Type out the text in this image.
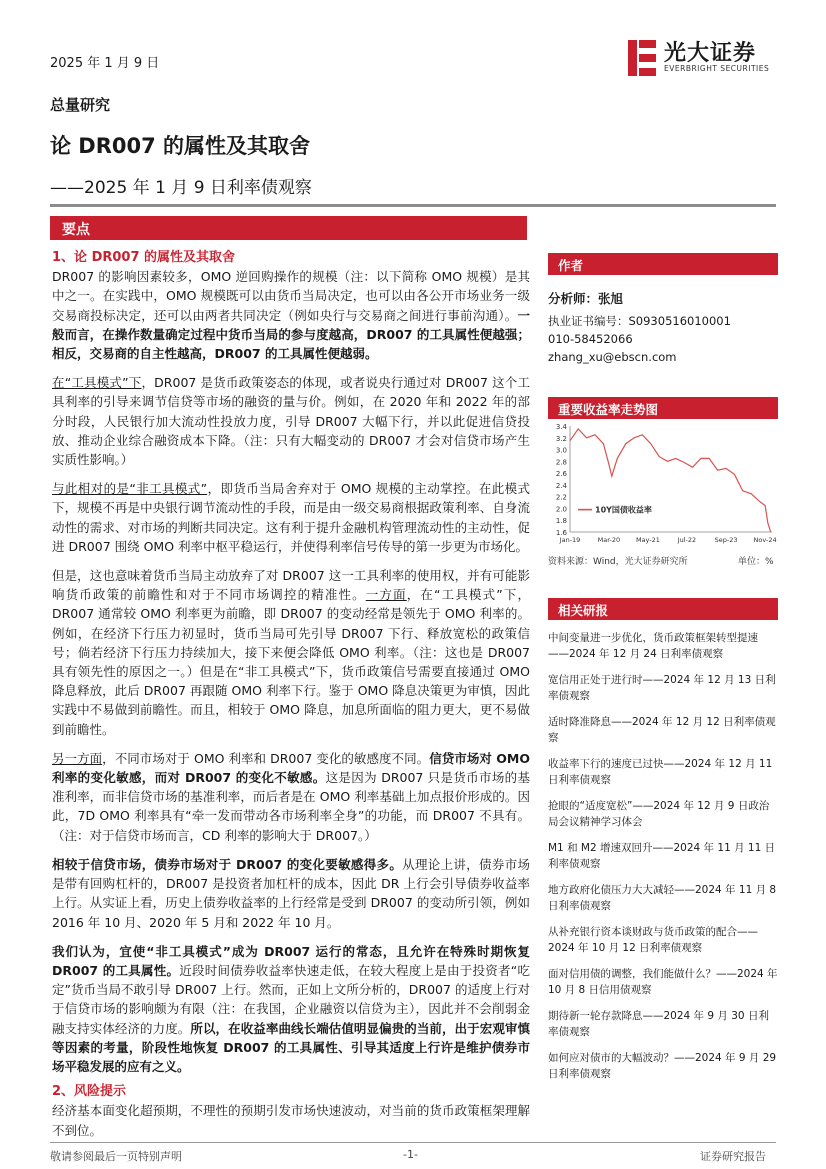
2025 年 1 月 9 日	光大证券
EVERBRIGHT SECURITIES
总量研究
论 DR007 的属性及其取舍
——2025 年 1 月 9 日利率债观察
要点

1、论 DR007 的属性及其取舍

DR007 的影响因素较多，OMO 逆回购操作的规模（注：以下简称 OMO 规模）是其中之一。在实践中，OMO 规模既可以由货币当局决定，也可以由各公开市场业务一级交易商投标决定，还可以由两者共同决定（例如央行与交易商之间进行事前沟通）。一般而言，在操作数量确定过程中货币当局的参与度越高，DR007 的工具属性便越强；相反，交易商的自主性越高，DR007 的工具属性便越弱。

在“工具模式”下，DR007 是货币政策姿态的体现，或者说央行通过对 DR007 这个工具利率的引导来调节信贷等市场的融资的量与价。例如，在 2020 年和 2022 年的部分时段，人民银行加大流动性投放力度，引导 DR007 大幅下行，并以此促进信贷投放、推动企业综合融资成本下降。（注：只有大幅变动的 DR007 才会对信贷市场产生实质性影响。）

与此相对的是“非工具模式”，即货币当局舍弃对于 OMO 规模的主动掌控。在此模式下，规模不再是中央银行调节流动性的手段，而是由一级交易商根据政策利率、自身流动性的需求、对市场的判断共同决定。这有利于提升金融机构管理流动性的主动性，促进 DR007 围绕 OMO 利率中枢平稳运行，并使得利率信号传导的第一步更为市场化。

但是，这也意味着货币当局主动放弃了对 DR007 这一工具利率的使用权，并有可能影响货币政策的前瞻性和对于不同市场调控的精准性。一方面，在“工具模式”下，DR007 通常较 OMO 利率更为前瞻，即 DR007 的变动经常是领先于 OMO 利率的。例如，在经济下行压力初显时，货币当局可先引导 DR007 下行、释放宽松的政策信号；倘若经济下行压力持续加大，接下来便会降低 OMO 利率。（注：这也是 DR007 具有领先性的原因之一。）但是在“非工具模式”下，货币政策信号需要直接通过 OMO 降息释放，此后 DR007 再跟随 OMO 利率下行。鉴于 OMO 降息决策更为审慎，因此实践中不易做到前瞻性。而且，相较于 OMO 降息，加息所面临的阻力更大，更不易做到前瞻性。

另一方面，不同市场对于 OMO 利率和 DR007 变化的敏感度不同。信贷市场对 OMO 利率的变化敏感，而对 DR007 的变化不敏感。这是因为 DR007 只是货币市场的基准利率，而非信贷市场的基准利率，而后者是在 OMO 利率基础上加点报价形成的。因此，7D OMO 利率具有“牵一发而带动各市场利率全身”的功能，而 DR007 不具有。（注：对于信贷市场而言，CD 利率的影响大于 DR007。）

相较于信贷市场，债券市场对于 DR007 的变化要敏感得多。从理论上讲，债券市场是带有回购杠杆的，DR007 是投资者加杠杆的成本，因此 DR 上行会引导债券收益率上行。从实证上看，历史上债券收益率的上行经常是受到 DR007 的变动所引领，例如 2016 年 10 月、2020 年 5 月和 2022 年 10 月。

我们认为，宜使“非工具模式”成为 DR007 运行的常态，且允许在特殊时期恢复 DR007 的工具属性。近段时间债券收益率快速走低，在较大程度上是由于投资者“吃定”货币当局不敢引导 DR007 上行。然而，正如上文所分析的，DR007 的适度上行对于信贷市场的影响颇为有限（注：在我国，企业融资以信贷为主），因此并不会削弱金融支持实体经济的力度。所以，在收益率曲线长端估值明显偏贵的当前，出于宏观审慎等因素的考量，阶段性地恢复 DR007 的工具属性、引导其适度上行许是维护债券市场平稳发展的应有之义。

2、风险提示

经济基本面变化超预期，不理性的预期引发市场快速波动，对当前的货币政策框架理解不到位。

作者
分析师：张旭
执业证书编号：S0930516010001
010-58452066
zhang_xu@ebscn.com
重要收益率走势图
1.6
1.8
2.0
2.2
2.4
2.6
2.8
3.0
3.2
3.4
Jan-19	Mar-20 May-21	Jul-22	Sep-23 Nov-24
10Y国债收益率
资料来源：Wind，光大证券研究所	单位：%
相关研报
中间变量进一步优化，货币政策框架转型提速——2024 年 12 月 24 日利率债观察
宽信用正处于进行时——2024 年 12 月 13 日利率债观察
适时降准降息——2024 年 12 月 12 日利率债观察
收益率下行的速度已过快——2024 年 12 月 11 日利率债观察
抢眼的“适度宽松”——2024 年 12 月 9 日政治局会议精神学习体会
M1 和 M2 增速双回升——2024 年 11 月 11 日利率债观察
地方政府化债压力大大减轻——2024 年 11 月 8 日利率债观察
从补充银行资本谈财政与货币政策的配合——2024 年 10 月 12 日利率债观察
面对信用债的调整，我们能做什么？——2024 年 10 月 8 日信用债观察
期待新一轮存款降息——2024 年 9 月 30 日利率债观察
如何应对债市的大幅波动？——2024 年 9 月 29 日利率债观察
敬请参阅最后一页特别声明	-1-	证券研究报告
